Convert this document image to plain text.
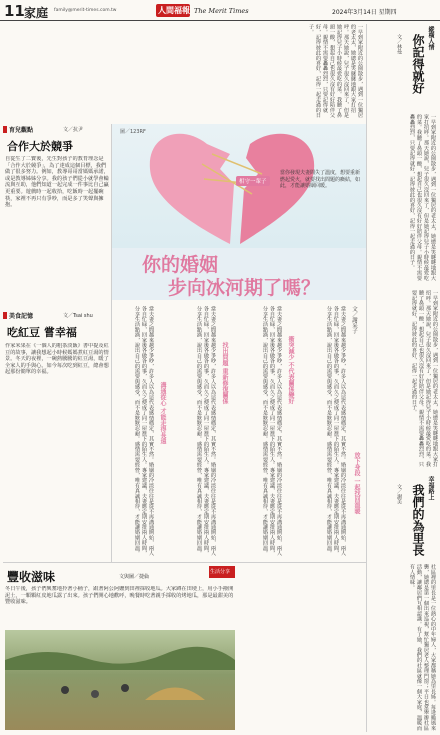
11 家庭 family@merit-times.com.tw	人間福報 The Merit Times	2024年3月14日 星期四
育兒觀點	文／抗尹
合作大於競爭
自從生了二寶後，先生對孩子的教育理念是「合作大於競爭」，為了達成這個目標，我們做了很多努力。例如，教導哥哥當媽媽承諾，或是教導姊姊分享。我的孩子們從小就學會輪流與互助，他們知道一起完成一件事比自己贏更重要。遊戲時一起收拾，吃飯時一起擺碗筷，家裡不再只有爭吵，而是多了笑聲與擁抱。
美食記憶	文／Tsai shu
吃紅豆 嘗幸福
作家米果在《一個人的粗茶淡飯》書中提及紅豆的故事，讓我想起小時候媽媽煮紅豆湯的情景。冬天的夜裡，一碗熱騰騰的紅豆湯，暖了全家人的手與心。如今每次吃到紅豆，總會想起那份簡單的幸福。
圖／123RF
當你發現夫妻間失了溫度，想要重新燃起愛火，就要找出問題的癥結，如此，才能讓婚姻回暖。
相守一輩子
你的婚姻
步向冰河期了嗎？
文／謝采子
當夫妻之間越來越少爭吵，許多人以為這代表感情穩定，其實不然。婚姻的冷淡往往是從不再溝通開始，兩人各自忙碌，回家後各做各的事，久而久之便成了同一屋簷下的陌生人。專家建議，夫妻應定期安排兩人時間，分享生活點滴，說出自己的需要與感受，而不是默默忍耐。感情需要經營，唯有真誠相待，才能讓婚姻回溫。
衝突減少 不代表關係變好
當夫妻之間越來越少爭吵，許多人以為這代表感情穩定，其實不然。婚姻的冷淡往往是從不再溝通開始，兩人各自忙碌，回家後各做各的事，久而久之便成了同一屋簷下的陌生人。專家建議，夫妻應定期安排兩人時間，分享生活點滴，說出自己的需要與感受，而不是默默忍耐。感情需要經營，唯有真誠相待，才能讓婚姻回溫。
找出問題 重新修復關係
當夫妻之間越來越少爭吵，許多人以為這代表感情穩定，其實不然。婚姻的冷淡往往是從不再溝通開始，兩人各自忙碌，回家後各做各的事，久而久之便成了同一屋簷下的陌生人。專家建議，夫妻應定期安排兩人時間，分享生活點滴，說出自己的需要與感受，而不是默默忍耐。感情需要經營，唯有真誠相待，才能讓婚姻回溫。
溝通從心 才能走得長遠
當夫妻之間越來越少爭吵，許多人以為這代表感情穩定，其實不然。婚姻的冷淡往往是從不再溝通開始，兩人各自忙碌，回家後各做各的事，久而久之便成了同一屋簷下的陌生人。專家建議，夫妻應定期安排兩人時間，分享生活點滴，說出自己的需要與感受，而不是默默忍耐。感情需要經營，唯有真誠相待，才能讓婚姻回溫。	放下身段 一起找回溫暖
縱橫人情
你記得就好
文／林曼
一早到家附近的公園散步，遇到一位獨居的老太太，她總是笑瞇瞇地跟大家打招呼。那天她說，兒子很久沒回來了，但是她記得兒子小時候最愛吃的菜。我聽了鼻頭一酸，想起自己也很久沒有好好陪伴父母。親情不需要轟轟烈烈，只要記得就好，記得彼此的喜好，記得一起走過的日子。
一早到家附近的公園散步，遇到一位獨居的老太太，她總是笑瞇瞇地跟大家打招呼。那天她說，兒子很久沒回來了，但是她記得兒子小時候最愛吃的菜。我聽了鼻頭一酸，想起自己也很久沒有好好陪伴父母。親情不需要轟轟烈烈，只要記得就好，記得彼此的喜好，記得一起走過的日子。
幸福路上
我們的為里長
文／謝美
社區裡的里長是一位熱心的中年婦人，大家都稱她為里長姊。每逢颱風來襲，她總是第一個出來巡視，幫忙獨居老人整理門窗；平日也常舉辦社區活動，讓鄰居們互相認識。有了她，我們的社區就像一個大家庭，溫暖而有人情味。
豐收滋味	文與圖／捷倫
生活分享
冬日午後，孩子們興奮地拎著小桶子，跟著阿公阿嬤到田裡採收地瓜。大家蹲在田埂上，用小手撥開泥土，一顆顆紅皮地瓜露了出來。孩子們開心地歡呼，晚餐時吃著親手採收的烤地瓜，那是最甜美的豐收滋味。
一早到家附近的公園散步，遇到一位獨居的老太太，她總是笑瞇瞇地跟大家打招呼。那天她說，兒子很久沒回來了，但是她記得兒子小時候最愛吃的菜。我聽了鼻頭一酸，想起自己也很久沒有好好陪伴父母。親情不需要轟轟烈烈，只要記得就好，記得彼此的喜好，記得一起走過的日子。
